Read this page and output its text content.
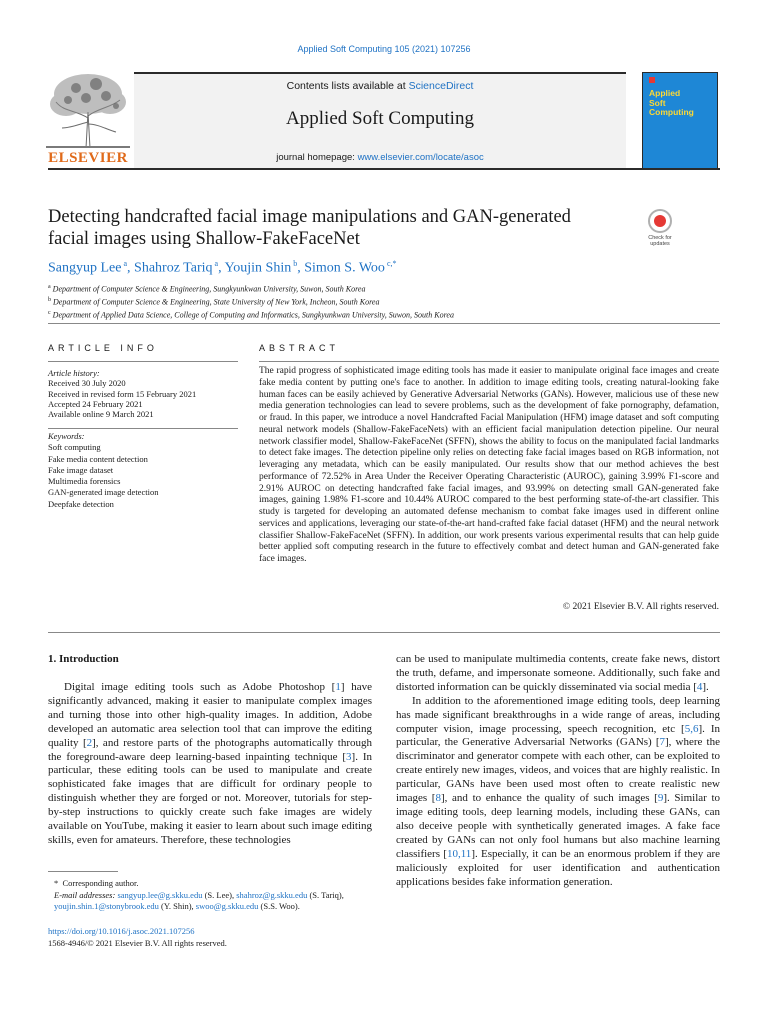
Applied Soft Computing 105 (2021) 107256
ELSEVIER
Contents lists available at ScienceDirect
Applied Soft Computing
journal homepage: www.elsevier.com/locate/asoc
Applied
Soft
Computing
Detecting handcrafted facial image manipulations and GAN-generated
facial images using Shallow-FakeFaceNet	Check for updates
Sangyup Lee $^a$, Shahroz Tariq $^a$, Youjin Shin $^b$, Simon S. Woo $^{c,*}$
$^a$ Department of Computer Science & Engineering, Sungkyunkwan University, Suwon, South Korea
$^b$ Department of Computer Science & Engineering, State University of New York, Incheon, South Korea
$^c$ Department of Applied Data Science, College of Computing and Informatics, Sungkyunkwan University, Suwon, South Korea
ARTICLE INFO
Article history:
Received 30 July 2020
Received in revised form 15 February 2021
Accepted 24 February 2021
Available online 9 March 2021
Keywords:
Soft computing
Fake media content detection
Fake image dataset
Multimedia forensics
GAN-generated image detection
Deepfake detection
ABSTRACT
The rapid progress of sophisticated image editing tools has made it easier to manipulate original face images and create fake media content by putting one's face to another. In addition to image editing tools, creating natural-looking fake human faces can be easily achieved by Generative Adversarial Networks (GANs). However, malicious use of these new media generation technologies can lead to severe problems, such as the development of fake pornography, defamation, or fraud. In this paper, we introduce a novel Handcrafted Facial Manipulation (HFM) image dataset and soft computing neural network models (Shallow-FakeFaceNets) with an efficient facial manipulation detection pipeline. Our neural network classifier model, Shallow-FakeFaceNet (SFFN), shows the ability to focus on the manipulated facial landmarks to detect fake images. The detection pipeline only relies on detecting fake facial images based on RGB information, not leveraging any metadata, which can be easily manipulated. Our results show that our method achieves the best performance of 72.52% in Area Under the Receiver Operating Characteristic (AUROC), gaining 3.99% F1-score and 2.91% AUROC on detecting handcrafted fake facial images, and 93.99% on detecting small GAN-generated fake images, gaining 1.98% F1-score and 10.44% AUROC compared to the best performing state-of-the-art classifier. This study is targeted for developing an automated defense mechanism to combat fake images used in different online services and applications, leveraging our state-of-the-art hand-crafted fake facial dataset (HFM) and the neural network classifier Shallow-FakeFaceNet (SFFN). In addition, our work presents various experimental results that can help guide better applied soft computing research in the future to effectively combat and detect human and GAN-generated fake face images.
© 2021 Elsevier B.V. All rights reserved.
1. Introduction
Digital image editing tools such as Adobe Photoshop [1] have significantly advanced, making it easier to manipulate complex images and turning those into other high-quality images. In addition, Adobe developed an automatic area selection tool that can improve the editing quality [2], and restore parts of the photographs automatically through the foreground-aware deep learning-based inpainting technique [3]. In particular, these editing tools can be used to manipulate and create sophisticated fake images that are difficult for ordinary people to distinguish whether they are forged or not. Moreover, tutorials for step-by-step instructions to quickly create such fake images are widely available on YouTube, making it easier to learn about such image editing skills, even for amateurs. Therefore, these technologies

can be used to manipulate multimedia contents, create fake news, distort the truth, defame, and impersonate someone. Additionally, such fake and distorted information can be quickly disseminated via social media [4].

In addition to the aforementioned image editing tools, deep learning has made significant breakthroughs in a wide range of areas, including computer vision, image processing, speech recognition, etc [5,6]. In particular, the Generative Adversarial Networks (GANs) [7], where the discriminator and generator compete with each other, can be exploited to create entirely new images, videos, and voices that are highly realistic. In particular, GANs have been used most often to create realistic new images [8], and to enhance the quality of such images [9]. Similar to image editing tools, deep learning models, including these GANs, can also deceive people with synthetically generated images. A fake face created by GANs can not only fool humans but also machine learning classifiers [10,11]. Especially, it can be an enormous problem if they are maliciously exploited for user identification and authentication applications besides fake information generation.

* Corresponding author.
E-mail addresses: sangyup.lee@g.skku.edu (S. Lee), shahroz@g.skku.edu (S. Tariq), youjin.shin.1@stonybrook.edu (Y. Shin), swoo@g.skku.edu (S.S. Woo).
https://doi.org/10.1016/j.asoc.2021.107256
1568-4946/© 2021 Elsevier B.V. All rights reserved.
